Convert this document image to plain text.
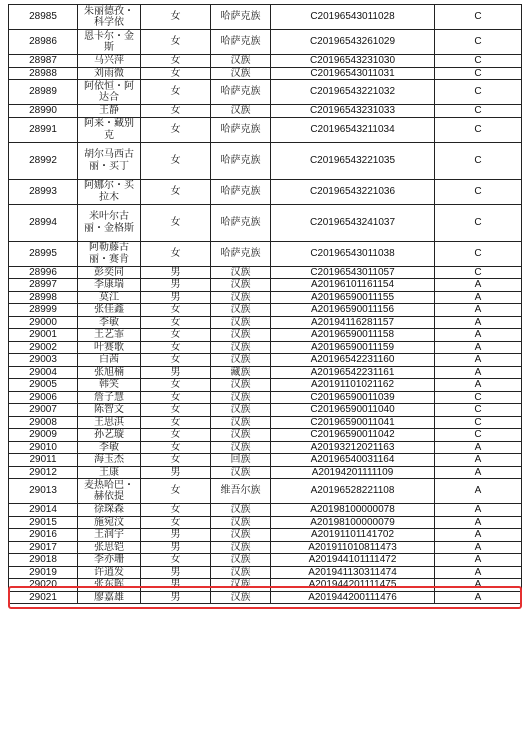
28985	朱丽德孜・科学依	女	哈萨克族	C20196543011028	C
28986	恩卡尔・金斯	女	哈萨克族	C20196543261029	C
28987	马兴萍	女	汉族	C20196543231030	C
28988	刘雨微	女	汉族	C20196543011031	C
28989	阿依恒・阿达合	女	哈萨克族	C20196543221032	C
28990	王静	女	汉族	C20196543231033	C
28991	阿来・藏别克	女	哈萨克族	C20196543211034	C
28992	胡尔马西古丽・买丁	女	哈萨克族	C20196543221035	C
28993	阿娜尔・买拉木	女	哈萨克族	C20196543221036	C
28994	米叶尔古丽・金格斯	女	哈萨克族	C20196543241037	C
28995	阿勒藤古丽・赛肯	女	哈萨克族	C20196543011038	C
28996	彭奕同	男	汉族	C20196543011057	C
28997	李康瑞	男	汉族	A20196101161154	A
28998	莫江	男	汉族	A20196590011155	A
28999	张佳鑫	女	汉族	A20196590011156	A
29000	李敏	女	汉族	A20194116281157	A
29001	王艺霏	女	汉族	A20196590011158	A
29002	叶赛歌	女	汉族	A20196590011159	A
29003	白茜	女	汉族	A20196542231160	A
29004	张旭楠	男	藏族	A20196542231161	A
29005	韩笑	女	汉族	A20191101021162	A
29006	詹子慧	女	汉族	C20196590011039	C
29007	陈智文	女	汉族	C20196590011040	C
29008	王思淇	女	汉族	C20196590011041	C
29009	孙艺璇	女	汉族	C20196590011042	C
29010	李敏	女	汉族	A20193212021163	A
29011	海玉杰	女	回族	A20196540031164	A
29012	王康	男	汉族	A20194201111109	A
29013	麦热哈巴・赫依提	女	维吾尔族	A20196528221108	A
29014	徐琛森	女	汉族	A20198100000078	A
29015	施宛汶	女	汉族	A20198100000079	A
29016	王润宇	男	汉族	A20191101141702	A
29017	张思铠	男	汉族	A201911010811473	A
29018	李亦珊	女	汉族	A201944101111472	A
29019	许逍发	男	汉族	A201941130311474	A
29020	张东晖	男	汉族	A201944201111475	A
29021	廖嘉雄	男	汉族	A201944200111476	A
